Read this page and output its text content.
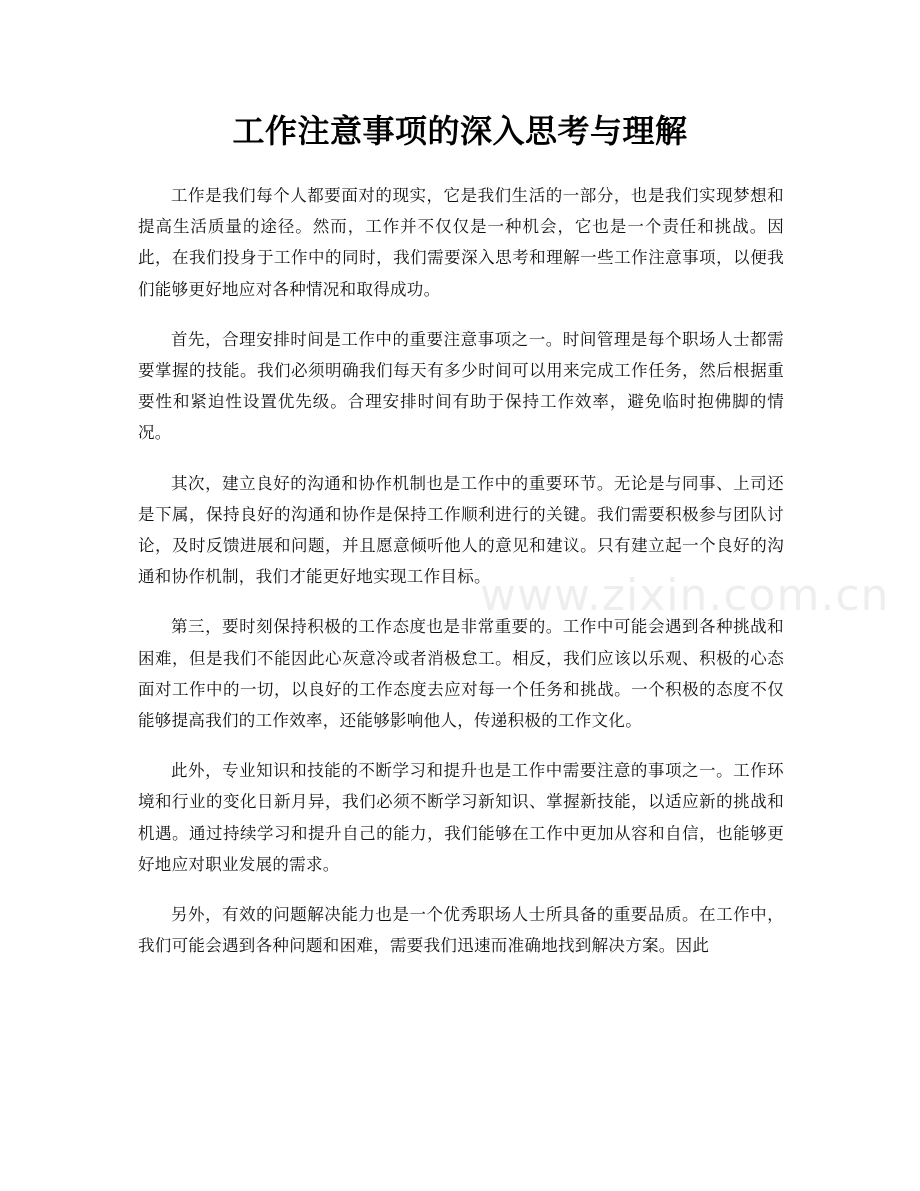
工作注意事项的深入思考与理解
www.zixin.com.cn

工作是我们每个人都要面对的现实，它是我们生活的一部分，也是我们实现梦想和提高生活质量的途径。然而，工作并不仅仅是一种机会，它也是一个责任和挑战。因此，在我们投身于工作中的同时，我们需要深入思考和理解一些工作注意事项，以便我们能够更好地应对各种情况和取得成功。

首先，合理安排时间是工作中的重要注意事项之一。时间管理是每个职场人士都需要掌握的技能。我们必须明确我们每天有多少时间可以用来完成工作任务，然后根据重要性和紧迫性设置优先级。合理安排时间有助于保持工作效率，避免临时抱佛脚的情况。

其次，建立良好的沟通和协作机制也是工作中的重要环节。无论是与同事、上司还是下属，保持良好的沟通和协作是保持工作顺利进行的关键。我们需要积极参与团队讨论，及时反馈进展和问题，并且愿意倾听他人的意见和建议。只有建立起一个良好的沟通和协作机制，我们才能更好地实现工作目标。

第三，要时刻保持积极的工作态度也是非常重要的。工作中可能会遇到各种挑战和困难，但是我们不能因此心灰意冷或者消极怠工。相反，我们应该以乐观、积极的心态面对工作中的一切，以良好的工作态度去应对每一个任务和挑战。一个积极的态度不仅能够提高我们的工作效率，还能够影响他人，传递积极的工作文化。

此外，专业知识和技能的不断学习和提升也是工作中需要注意的事项之一。工作环境和行业的变化日新月异，我们必须不断学习新知识、掌握新技能，以适应新的挑战和机遇。通过持续学习和提升自己的能力，我们能够在工作中更加从容和自信，也能够更好地应对职业发展的需求。

另外，有效的问题解决能力也是一个优秀职场人士所具备的重要品质。在工作中，我们可能会遇到各种问题和困难，需要我们迅速而准确地找到解决方案。因此
